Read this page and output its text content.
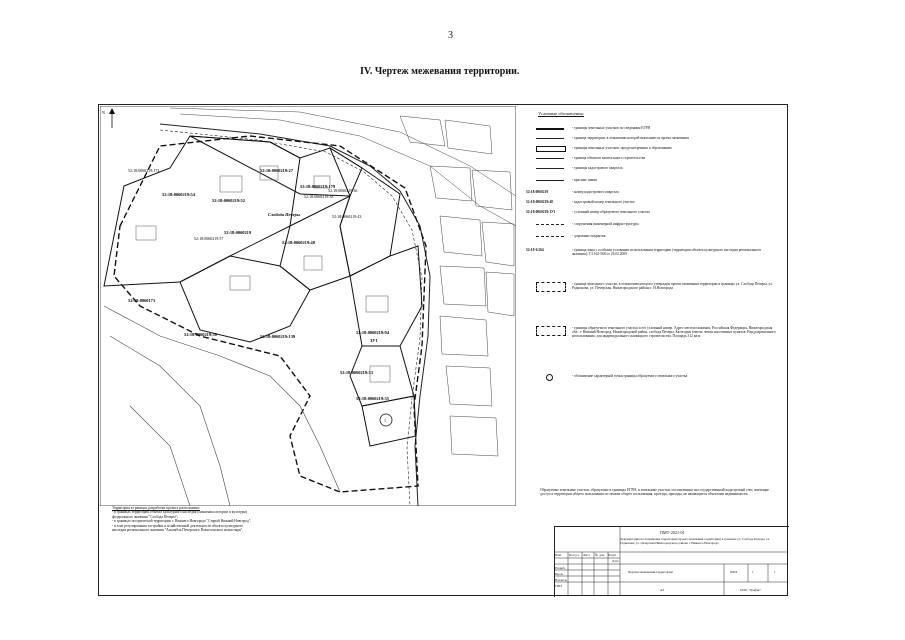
3
IV. Чертеж межевания территории.
N
1
ЗУ1
52:18:0060219:174
52:18:0060219:54
52:18:0060219:52
52:18:0060219:27
52:18:0060219:179
52:18:0060219:57
52:18:0060219
52:18:0060219:48
52:18:0060219:43
52:18:0060219:30	52:18:0060219:139
52:18:0060219:94
52:18:0060219:33
52:18:0060219:35
52:18:0060173
52:18:0060219:38
52:18:0060219:36
Слобода Печеры
Условные обозначения:
- границы земельных участков по сведениям ЕГРН
- граница территории, в отношении которой выполняется проект межевания
- границы земельных участков, предусмотренных к образованию
- граница объектов капитального строительства
- границы кадастрового квартала
- красные линии
52:18:0060219	- номер кадастрового квартала
52:18:0060219:48	- кадастровый номер земельного участка
52:18:0060219:ЗУ1	- условный номер образуемого земельного участка
- сооружения инженерной инфраструктуры
- дорожные покрытия
52:18-6.564	- граница зоны с особыми условиями использования территории (территория объекта культурного наследия регионального значения); ТЗ 162-568 от 26.02.2009
- граница земельного участка, в отношении которого утвержден проект межевания территории в границах ул. Слобода Печеры, ул. Родионова, ул. Печерская, Нижегородского района г. Н.Новгорода
- границы образуемого земельного участка и его условный номер. Адрес местоположения: Российская Федерация, Нижегородская обл., г. Нижний Новгород, Нижегородский район, слобода Печеры. Категория земель: земли населенных пунктов. Вид разрешенного использования: для индивидуального жилищного строительства. Площадь 312 кв.м
- обозначение характерной точки границы образуемого земельного участка
Образуемые земельные участки, образуемые в границах ЕГРН, и земельные участки, поставленные на государственный кадастровый учет, имеющие доступ к территории общего пользования по землям общего пользования, проезды, проходы, не являющиеся объектами недвижимости.
Территория в границах разработки проекта расположена:
- в границах территории объекта культурного наследия (памятника истории и культуры)
федерального значения "Слобода Печеры";
- в границах исторической территории г. Нижнего Новгорода "Старый Нижний Новгород";
- в зоне регулирования застройки и хозяйственной деятельности объекта культурного
наследия регионального значения "Ансамбль Печерского Вознесенского монастыря".	ПМТ-2021-01
Документация по планировке территории (проект межевания территории) в границах ул. Слобода Печеры, ул. Родионова, ул. Печерская Нижегородского района г. Нижнего Новгорода
Изм. Кол.уч. Лист № док. Подп.
Дата
Разраб.
Пров.
Н.контр.
ГИП
Чертеж межевания территории	ПМТ	1	1
А3	ООО "Графис"
